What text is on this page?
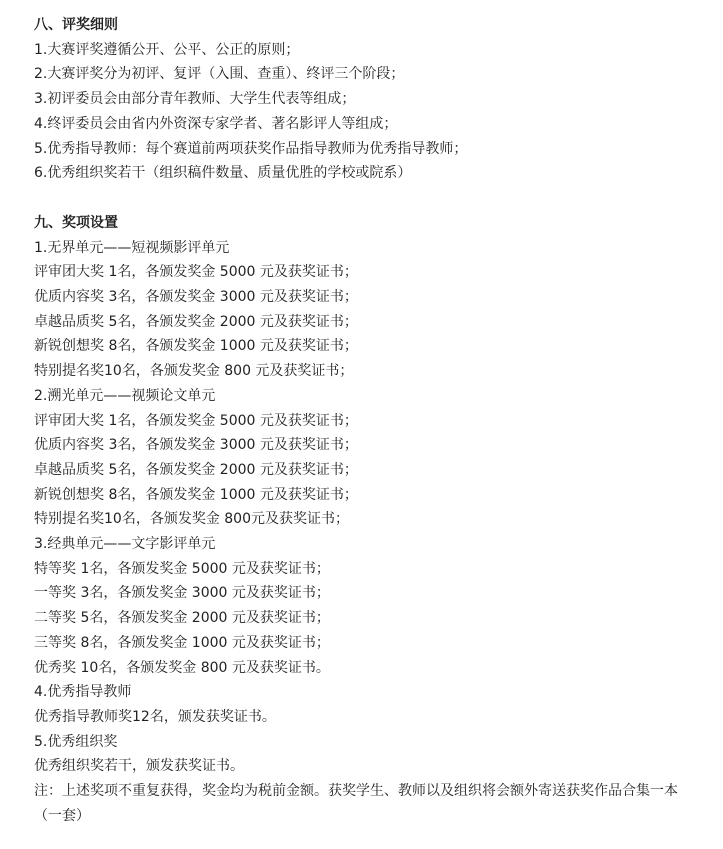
八、评奖细则

1.大赛评奖遵循公开、公平、公正的原则；

2.大赛评奖分为初评、复评（入围、查重）、终评三个阶段；

3.初评委员会由部分青年教师、大学生代表等组成；

4.终评委员会由省内外资深专家学者、著名影评人等组成；

5.优秀指导教师：每个赛道前两项获奖作品指导教师为优秀指导教师；

6.优秀组织奖若干（组织稿件数量、质量优胜的学校或院系）

九、奖项设置

1.无界单元——短视频影评单元

评审团大奖 1名，各颁发奖金 5000 元及获奖证书；

优质内容奖 3名，各颁发奖金 3000 元及获奖证书；

卓越品质奖 5名，各颁发奖金 2000 元及获奖证书；

新锐创想奖 8名，各颁发奖金 1000 元及获奖证书；

特别提名奖10名，各颁发奖金 800 元及获奖证书；

2.溯光单元——视频论文单元

评审团大奖 1名，各颁发奖金 5000 元及获奖证书；

优质内容奖 3名，各颁发奖金 3000 元及获奖证书；

卓越品质奖 5名，各颁发奖金 2000 元及获奖证书；

新锐创想奖 8名，各颁发奖金 1000 元及获奖证书；

特别提名奖10名，各颁发奖金 800元及获奖证书；

3.经典单元——文字影评单元

特等奖 1名，各颁发奖金 5000 元及获奖证书；

一等奖 3名，各颁发奖金 3000 元及获奖证书；

二等奖 5名，各颁发奖金 2000 元及获奖证书；

三等奖 8名，各颁发奖金 1000 元及获奖证书；

优秀奖 10名，各颁发奖金 800 元及获奖证书。

4.优秀指导教师

优秀指导教师奖12名，颁发获奖证书。

5.优秀组织奖

优秀组织奖若干，颁发获奖证书。

注：上述奖项不重复获得，奖金均为税前金额。获奖学生、教师以及组织将会额外寄送获奖作品合集一本（一套）
